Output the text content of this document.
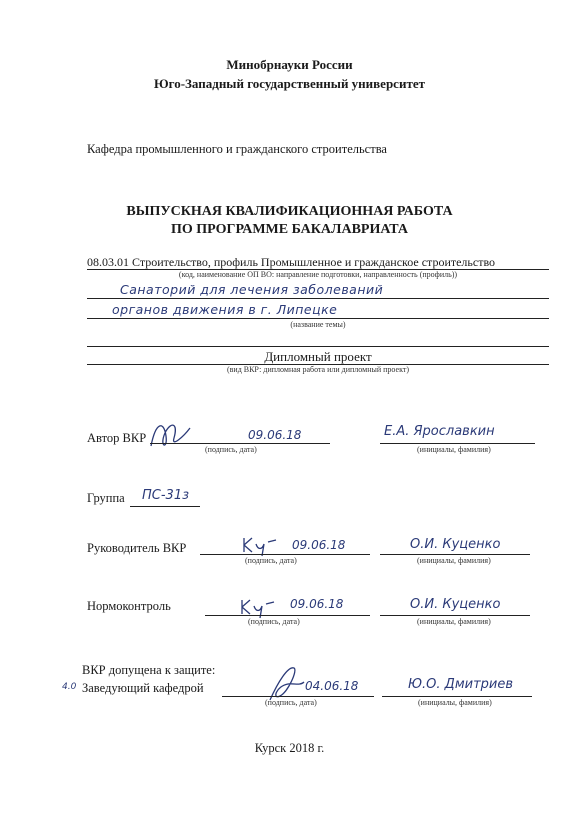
Минобрнауки России
Юго-Западный государственный университет
Кафедра промышленного и гражданского строительства
ВЫПУСКНАЯ КВАЛИФИКАЦИОННАЯ РАБОТА
ПО ПРОГРАММЕ БАКАЛАВРИАТА
08.03.01 Строительство, профиль Промышленное и гражданское строительство
(код, наименование ОП ВО: направление подготовки, направленность (профиль))
Санаторий для лечения заболеваний
органов движения в г. Липецке
(название темы)
Дипломный проект
(вид ВКР: дипломная работа или дипломный проект)
Автор ВКР	09.06.18
(подпись, дата)
Е.А. Ярославкин
(инициалы, фамилия)
Группа ПС-31з
Руководитель ВКР	09.06.18
(подпись, дата)
О.И. Куценко
(инициалы, фамилия)
Нормоконтроль	09.06.18
(подпись, дата)
О.И. Куценко
(инициалы, фамилия)
ВКР допущена к защите:
4.0 Заведующий кафедрой	04.06.18
(подпись, дата)
Ю.О. Дмитриев
(инициалы, фамилия)
Курск 2018 г.
